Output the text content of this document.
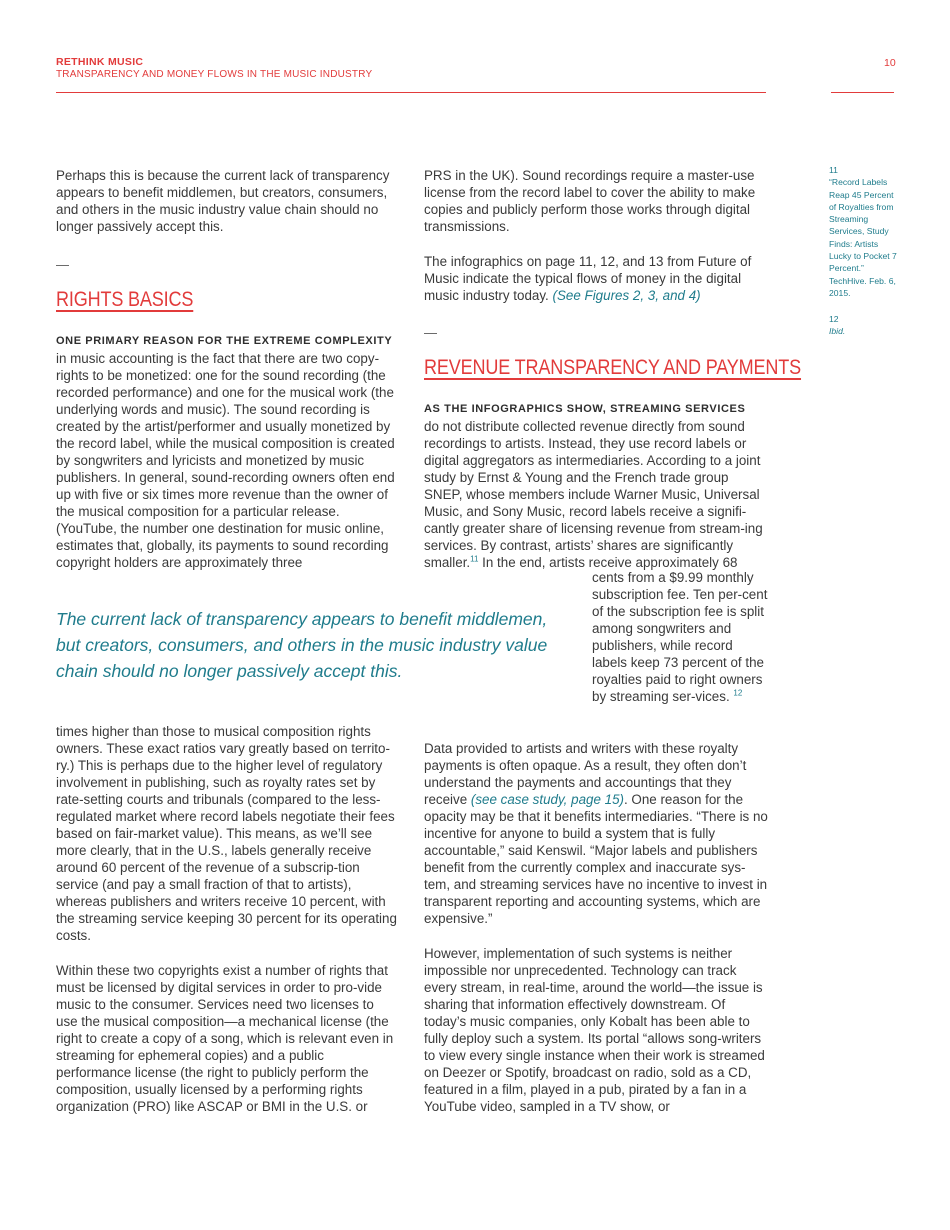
RETHINK MUSIC
TRANSPARENCY AND MONEY FLOWS IN THE MUSIC INDUSTRY
10
Perhaps this is because the current lack of transparency appears to benefit middlemen, but creators, consumers, and others in the music industry value chain should no longer passively accept this.
—
RIGHTS BASICS
ONE PRIMARY REASON FOR THE EXTREME COMPLEXITY
in music accounting is the fact that there are two copy-rights to be monetized: one for the sound recording (the recorded performance) and one for the musical work (the underlying words and music). The sound recording is created by the artist/performer and usually monetized by the record label, while the musical composition is created by songwriters and lyricists and monetized by music publishers. In general, sound-recording owners often end up with five or six times more revenue than the owner of the musical composition for a particular release. (YouTube, the number one destination for music online, estimates that, globally, its payments to sound recording copyright holders are approximately three
The current lack of transparency appears to benefit middlemen, but creators, consumers, and others in the music industry value chain should no longer passively accept this.
times higher than those to musical composition rights owners. These exact ratios vary greatly based on territo-ry.) This is perhaps due to the higher level of regulatory involvement in publishing, such as royalty rates set by rate-setting courts and tribunals (compared to the less-regulated market where record labels negotiate their fees based on fair-market value). This means, as we’ll see more clearly, that in the U.S., labels generally receive around 60 percent of the revenue of a subscrip-tion service (and pay a small fraction of that to artists), whereas publishers and writers receive 10 percent, with the streaming service keeping 30 percent for its operating costs.
Within these two copyrights exist a number of rights that must be licensed by digital services in order to pro-vide music to the consumer. Services need two licenses to use the musical composition—a mechanical license (the right to create a copy of a song, which is relevant even in streaming for ephemeral copies) and a public performance license (the right to publicly perform the composition, usually licensed by a performing rights organization (PRO) like ASCAP or BMI in the U.S. or
PRS in the UK). Sound recordings require a master-use license from the record label to cover the ability to make copies and publicly perform those works through digital transmissions.
The infographics on page 11, 12, and 13 from Future of Music indicate the typical flows of money in the digital music industry today. (See Figures 2, 3, and 4)
—
REVENUE TRANSPARENCY AND PAYMENTS
AS THE INFOGRAPHICS SHOW, STREAMING SERVICES
do not distribute collected revenue directly from sound recordings to artists. Instead, they use record labels or digital aggregators as intermediaries. According to a joint study by Ernst & Young and the French trade group SNEP, whose members include Warner Music, Universal Music, and Sony Music, record labels receive a signifi-cantly greater share of licensing revenue from stream-ing services. By contrast, artists’ shares are significantly smaller.$^{11}$ In the end, artists receive approximately 68
cents from a $9.99 monthly subscription fee. Ten per-cent of the subscription fee is split among songwriters and publishers, while record labels keep 73 percent of the royalties paid to right owners by streaming ser-vices. $^{12}$
Data provided to artists and writers with these royalty payments is often opaque. As a result, they often don’t understand the payments and accountings that they receive (see case study, page 15). One reason for the opacity may be that it benefits intermediaries. “There is no incentive for anyone to build a system that is fully accountable,” said Kenswil. “Major labels and publishers benefit from the currently complex and inaccurate sys-tem, and streaming services have no incentive to invest in transparent reporting and accounting systems, which are expensive.”
However, implementation of such systems is neither impossible nor unprecedented. Technology can track every stream, in real-time, around the world—the issue is sharing that information effectively downstream. Of today’s music companies, only Kobalt has been able to fully deploy such a system. Its portal “allows song-writers to view every single instance when their work is streamed on Deezer or Spotify, broadcast on radio, sold as a CD, featured in a film, played in a pub, pirated by a fan in a YouTube video, sampled in a TV show, or

11

“Record Labels Reap 45 Percent of Royalties from Streaming Services, Study Finds: Artists Lucky to Pocket 7 Percent.” TechHive. Feb. 6, 2015.

12

Ibid.
